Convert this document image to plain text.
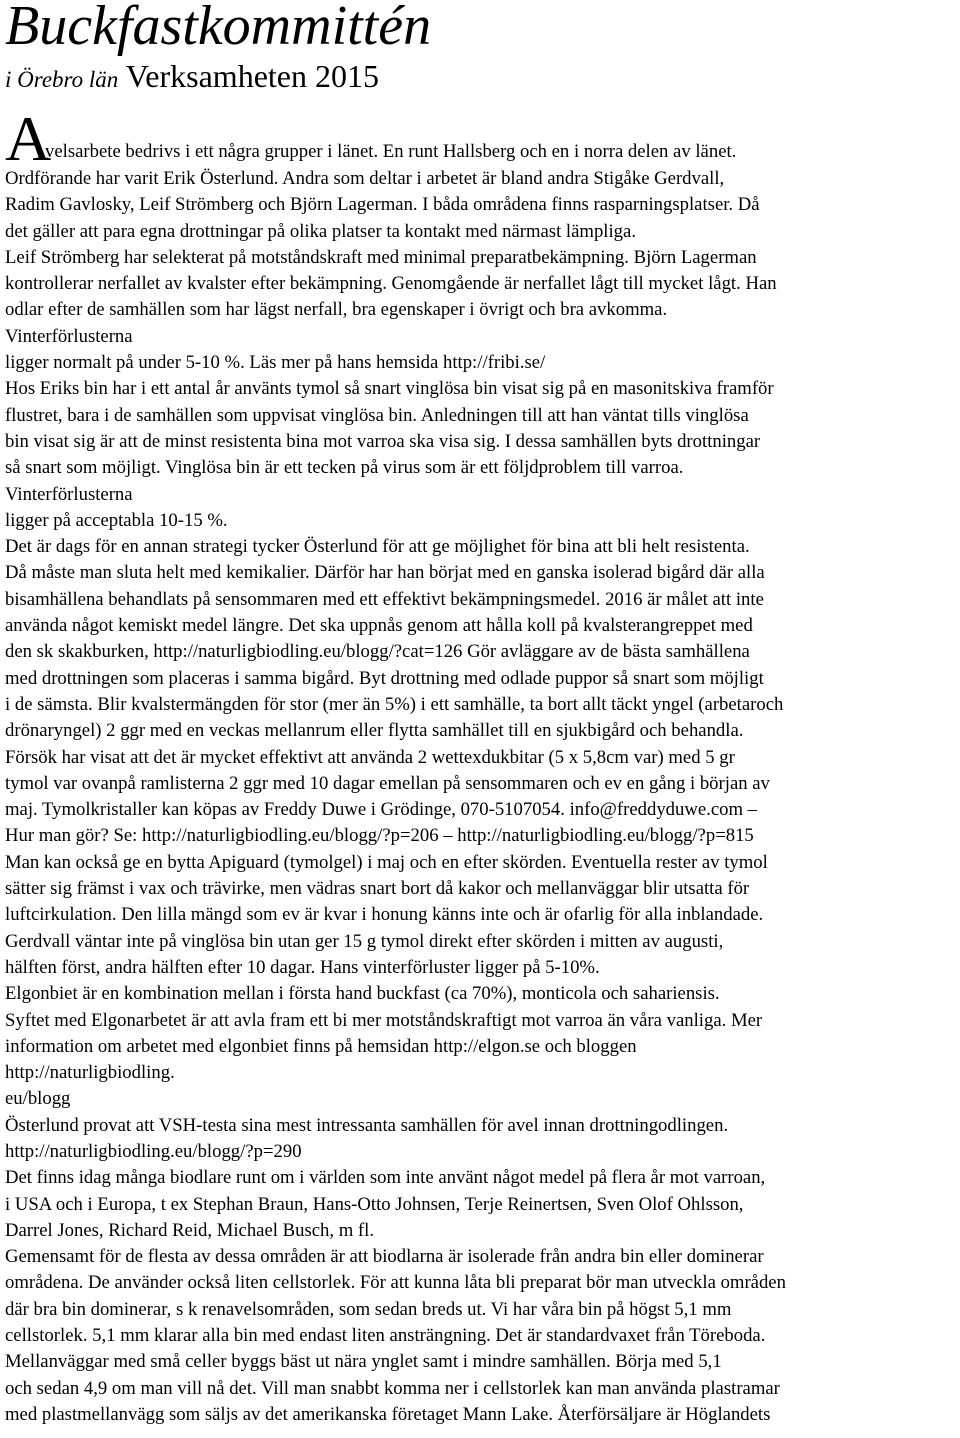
Buckfastkommittén
i Örebro län Verksamheten 2015
A
velsarbete bedrivs i ett några grupper i länet. En runt Hallsberg och en i norra delen av länet.
Ordförande har varit Erik Österlund. Andra som deltar i arbetet är bland andra Stigåke Gerdvall,
Radim Gavlosky, Leif Strömberg och Björn Lagerman. I båda områdena finns rasparningsplatser. Då
det gäller att para egna drottningar på olika platser ta kontakt med närmast lämpliga.
Leif Strömberg har selekterat på motståndskraft med minimal preparatbekämpning. Björn Lagerman
kontrollerar nerfallet av kvalster efter bekämpning. Genomgående är nerfallet lågt till mycket lågt. Han
odlar efter de samhällen som har lägst nerfall, bra egenskaper i övrigt och bra avkomma.
Vinterförlusterna
ligger normalt på under 5-10 %. Läs mer på hans hemsida http://fribi.se/
Hos Eriks bin har i ett antal år använts tymol så snart vinglösa bin visat sig på en masonitskiva framför
flustret, bara i de samhällen som uppvisat vinglösa bin. Anledningen till att han väntat tills vinglösa
bin visat sig är att de minst resistenta bina mot varroa ska visa sig. I dessa samhällen byts drottningar
så snart som möjligt. Vinglösa bin är ett tecken på virus som är ett följdproblem till varroa.
Vinterförlusterna
ligger på acceptabla 10-15 %.
Det är dags för en annan strategi tycker Österlund för att ge möjlighet för bina att bli helt resistenta.
Då måste man sluta helt med kemikalier. Därför har han börjat med en ganska isolerad bigård där alla
bisamhällena behandlats på sensommaren med ett effektivt bekämpningsmedel. 2016 är målet att inte
använda något kemiskt medel längre. Det ska uppnås genom att hålla koll på kvalsterangreppet med
den sk skakburken, http://naturligbiodling.eu/blogg/?cat=126 Gör avläggare av de bästa samhällena
med drottningen som placeras i samma bigård. Byt drottning med odlade puppor så snart som möjligt
i de sämsta. Blir kvalstermängden för stor (mer än 5%) i ett samhälle, ta bort allt täckt yngel (arbetaroch
drönaryngel) 2 ggr med en veckas mellanrum eller flytta samhället till en sjukbigård och behandla.
Försök har visat att det är mycket effektivt att använda 2 wettexdukbitar (5 x 5,8cm var) med 5 gr
tymol var ovanpå ramlisterna 2 ggr med 10 dagar emellan på sensommaren och ev en gång i början av
maj. Tymolkristaller kan köpas av Freddy Duwe i Grödinge, 070-5107054. info@freddyduwe.com –
Hur man gör? Se: http://naturligbiodling.eu/blogg/?p=206 – http://naturligbiodling.eu/blogg/?p=815
Man kan också ge en bytta Apiguard (tymolgel) i maj och en efter skörden. Eventuella rester av tymol
sätter sig främst i vax och trävirke, men vädras snart bort då kakor och mellanväggar blir utsatta för
luftcirkulation. Den lilla mängd som ev är kvar i honung känns inte och är ofarlig för alla inblandade.
Gerdvall väntar inte på vinglösa bin utan ger 15 g tymol direkt efter skörden i mitten av augusti,
hälften först, andra hälften efter 10 dagar. Hans vinterförluster ligger på 5-10%.
Elgonbiet är en kombination mellan i första hand buckfast (ca 70%), monticola och sahariensis.
Syftet med Elgonarbetet är att avla fram ett bi mer motståndskraftigt mot varroa än våra vanliga. Mer
information om arbetet med elgonbiet finns på hemsidan http://elgon.se och bloggen
http://naturligbiodling.
eu/blogg
Österlund provat att VSH-testa sina mest intressanta samhällen för avel innan drottningodlingen.
http://naturligbiodling.eu/blogg/?p=290
Det finns idag många biodlare runt om i världen som inte använt något medel på flera år mot varroan,
i USA och i Europa, t ex Stephan Braun, Hans-Otto Johnsen, Terje Reinertsen, Sven Olof Ohlsson,
Darrel Jones, Richard Reid, Michael Busch, m fl.
Gemensamt för de flesta av dessa områden är att biodlarna är isolerade från andra bin eller dominerar
områdena. De använder också liten cellstorlek. För att kunna låta bli preparat bör man utveckla områden
där bra bin dominerar, s k renavelsområden, som sedan breds ut. Vi har våra bin på högst 5,1 mm
cellstorlek. 5,1 mm klarar alla bin med endast liten ansträngning. Det är standardvaxet från Töreboda.
Mellanväggar med små celler byggs bäst ut nära ynglet samt i mindre samhällen. Börja med 5,1
och sedan 4,9 om man vill nå det. Vill man snabbt komma ner i cellstorlek kan man använda plastramar
med plastmellanvägg som säljs av det amerikanska företaget Mann Lake. Återförsäljare är Höglandets
